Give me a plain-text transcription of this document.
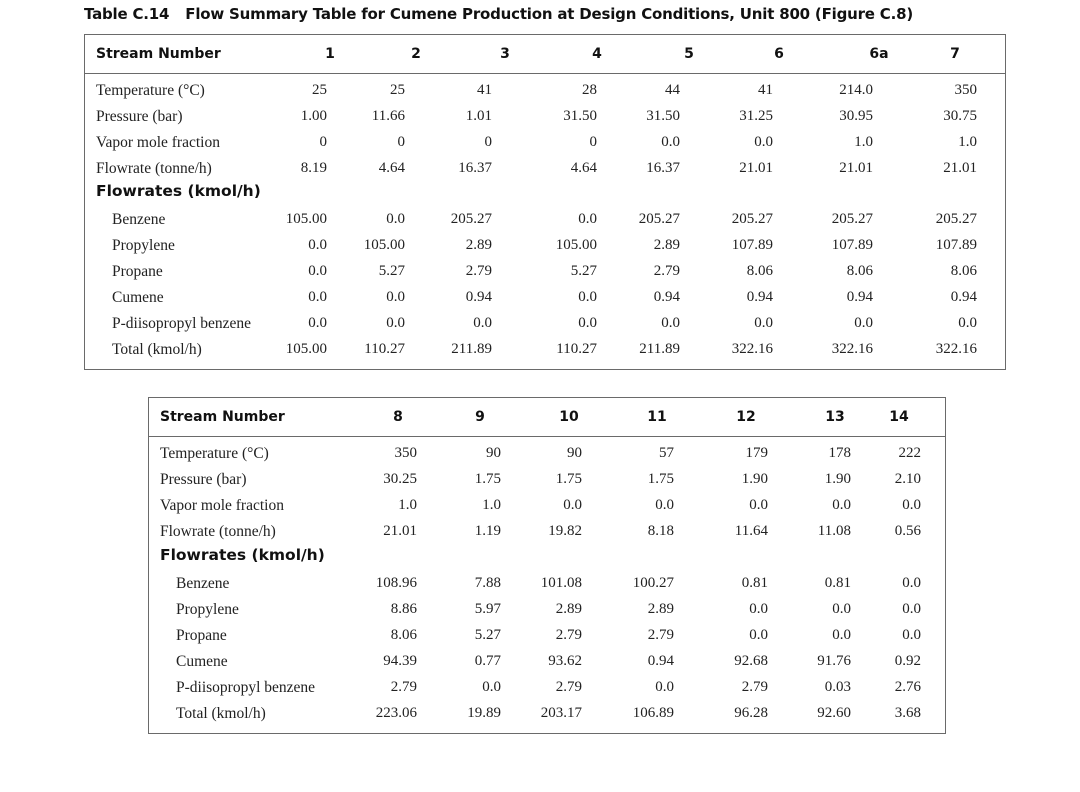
Table C.14 Flow Summary Table for Cumene Production at Design Conditions, Unit 800 (Figure C.8)
Stream Number	1	2	3	4	5	6	6a	7
Temperature (°C)	25	25	41	28	44	41	214.0	350
Pressure (bar)	1.00	11.66	1.01	31.50	31.50	31.25	30.95	30.75
Vapor mole fraction	0	0	0	0	0.0	0.0	1.0	1.0
Flowrate (tonne/h)	8.19	4.64	16.37	4.64	16.37	21.01	21.01	21.01
Flowrates (kmol/h)
Benzene	105.00	0.0	205.27	0.0	205.27	205.27	205.27	205.27
Propylene	0.0 105.00	2.89	105.00	2.89	107.89	107.89	107.89
Propane	0.0	5.27	2.79	5.27	2.79	8.06	8.06	8.06
Cumene	0.0	0.0	0.94	0.0	0.94	0.94	0.94	0.94
P-diisopropyl benzene	0.0	0.0	0.0	0.0	0.0	0.0	0.0	0.0
Total (kmol/h)	105.00 110.27	211.89	110.27	211.89	322.16	322.16	322.16
Stream Number	8	9	10	11	12	13	14
Temperature (°C)	350	90	90	57	179	178	222
Pressure (bar)	30.25	1.75	1.75	1.75	1.90	1.90	2.10
Vapor mole fraction	1.0	1.0	0.0	0.0	0.0	0.0	0.0
Flowrate (tonne/h)	21.01	1.19	19.82	8.18	11.64	11.08	0.56
Flowrates (kmol/h)
Benzene	108.96	7.88	101.08	100.27	0.81	0.81	0.0
Propylene	8.86	5.97	2.89	2.89	0.0	0.0	0.0
Propane	8.06	5.27	2.79	2.79	0.0	0.0	0.0
Cumene	94.39	0.77	93.62	0.94	92.68	91.76	0.92
P-diisopropyl benzene	2.79	0.0	2.79	0.0	2.79	0.03	2.76
Total (kmol/h)	223.06	19.89	203.17	106.89	96.28	92.60	3.68
